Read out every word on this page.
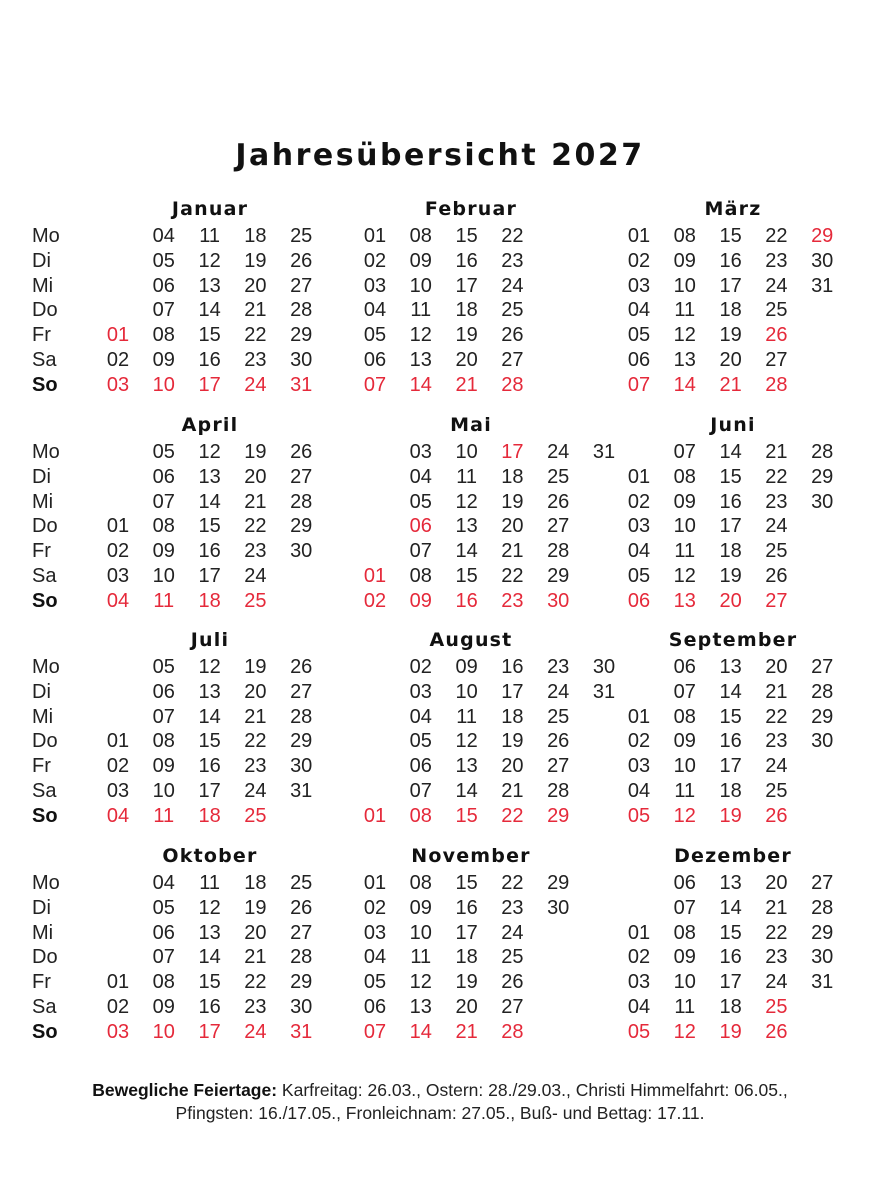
Jahresübersicht 2027
Mo
Di
Mi
Do
Fr
Sa
So
Mo
Di
Mi
Do
Fr
Sa
So
Mo
Di
Mi
Do
Fr
Sa
So
Mo
Di
Mi
Do
Fr
Sa
So
Januar
01
02
03
04
05
06
07
08
09
10
11
12
13
14
15
16
17
18
19
20
21
22
23
24
25
26
27
28
29
30
31
Februar
01
02
03
04
05
06
07
08
09
10
11
12
13
14
15
16
17
18
19
20
21
22
23
24
25
26
27
28
März
01
02
03
04
05
06
07
08
09
10
11
12
13
14
15
16
17
18
19
20
21
22
23
24
25
26
27
28
29
30
31
April
01
02
03
04
05
06
07
08
09
10
11
12
13
14
15
16
17
18
19
20
21
22
23
24
25
26
27
28
29
30
Mai
01
02
03
04
05
06
07
08
09
10
11
12
13
14
15
16
17
18
19
20
21
22
23
24
25
26
27
28
29
30
31
Juni
01
02
03
04
05
06
07
08
09
10
11
12
13
14
15
16
17
18
19
20
21
22
23
24
25
26
27
28
29
30
Juli
01
02
03
04
05
06
07
08
09
10
11
12
13
14
15
16
17
18
19
20
21
22
23
24
25
26
27
28
29
30
31
August
01
02
03
04
05
06
07
08
09
10
11
12
13
14
15
16
17
18
19
20
21
22
23
24
25
26
27
28
29
30
31
September
01
02
03
04
05
06
07
08
09
10
11
12
13
14
15
16
17
18
19
20
21
22
23
24
25
26
27
28
29
30
Oktober
01
02
03
04
05
06
07
08
09
10
11
12
13
14
15
16
17
18
19
20
21
22
23
24
25
26
27
28
29
30
31
November
01
02
03
04
05
06
07
08
09
10
11
12
13
14
15
16
17
18
19
20
21
22
23
24
25
26
27
28
29
30
Dezember
01
02
03
04
05
06
07
08
09
10
11
12
13
14
15
16
17
18
19
20
21
22
23
24
25
26
27
28
29
30
31
Bewegliche Feiertage: Karfreitag: 26.03., Ostern: 28./29.03., Christi Himmelfahrt: 06.05.,
Pfingsten: 16./17.05., Fronleichnam: 27.05., Buß- und Bettag: 17.11.
